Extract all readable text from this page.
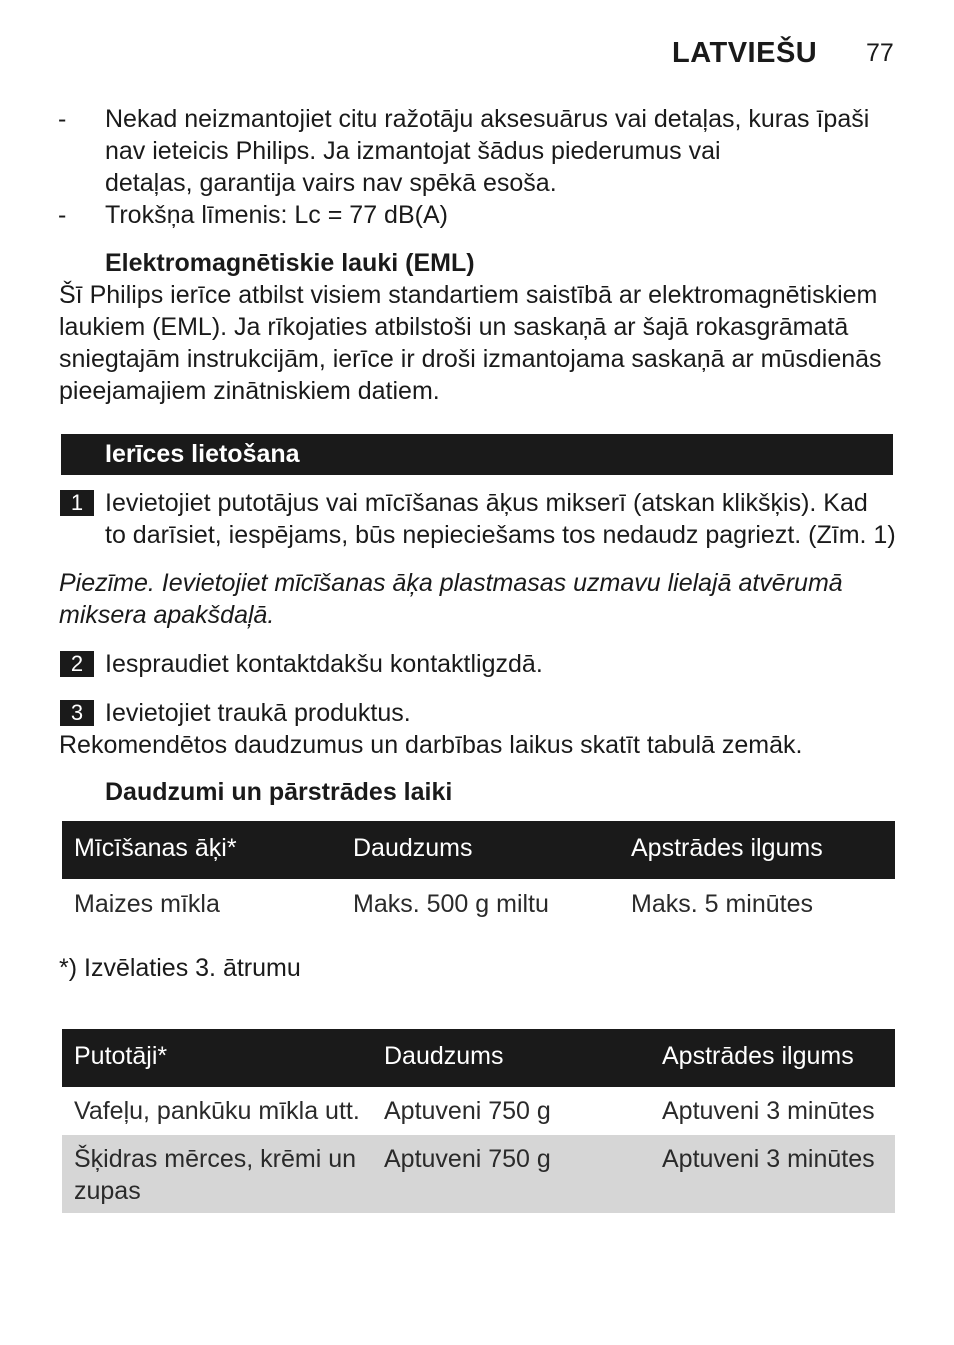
LATVIEŠU 77
-	Nekad neizmantojiet citu ražotāju aksesuārus vai detaļas, kuras īpaši
nav ieteicis Philips. Ja izmantojat šādus piederumus vai
detaļas, garantija vairs nav spēkā esoša.
-	Trokšņa līmenis: Lc = 77 dB(A)
Elektromagnētiskie lauki (EML)
Šī Philips ierīce atbilst visiem standartiem saistībā ar elektromagnētiskiem
laukiem (EML). Ja rīkojaties atbilstoši un saskaņā ar šajā rokasgrāmatā
sniegtajām instrukcijām, ierīce ir droši izmantojama saskaņā ar mūsdienās
pieejamajiem zinātniskiem datiem.
Ierīces lietošana
1 Ievietojiet putotājus vai mīcīšanas āķus mikserī (atskan klikšķis). Kad
to darīsiet, iespējams, būs nepieciešams tos nedaudz pagriezt. (Zīm. 1)
Piezīme. Ievietojiet mīcīšanas āķa plastmasas uzmavu lielajā atvērumā
miksera apakšdaļā.
2 Iespraudiet kontaktdakšu kontaktligzdā.
3 Ievietojiet traukā produktus.
Rekomendētos daudzumus un darbības laikus skatīt tabulā zemāk.
Daudzumi un pārstrādes laiki
Mīcīšanas āķi*	Daudzums	Apstrādes ilgums
Maizes mīkla	Maks. 500 g miltu	Maks. 5 minūtes
*) Izvēlaties 3. ātrumu
Putotāji*	Daudzums	Apstrādes ilgums
Vafeļu, pankūku mīkla utt.	Aptuveni 750 g	Aptuveni 3 minūtes
Šķidras mērces, krēmi un zupas	Aptuveni 750 g	Aptuveni 3 minūtes
